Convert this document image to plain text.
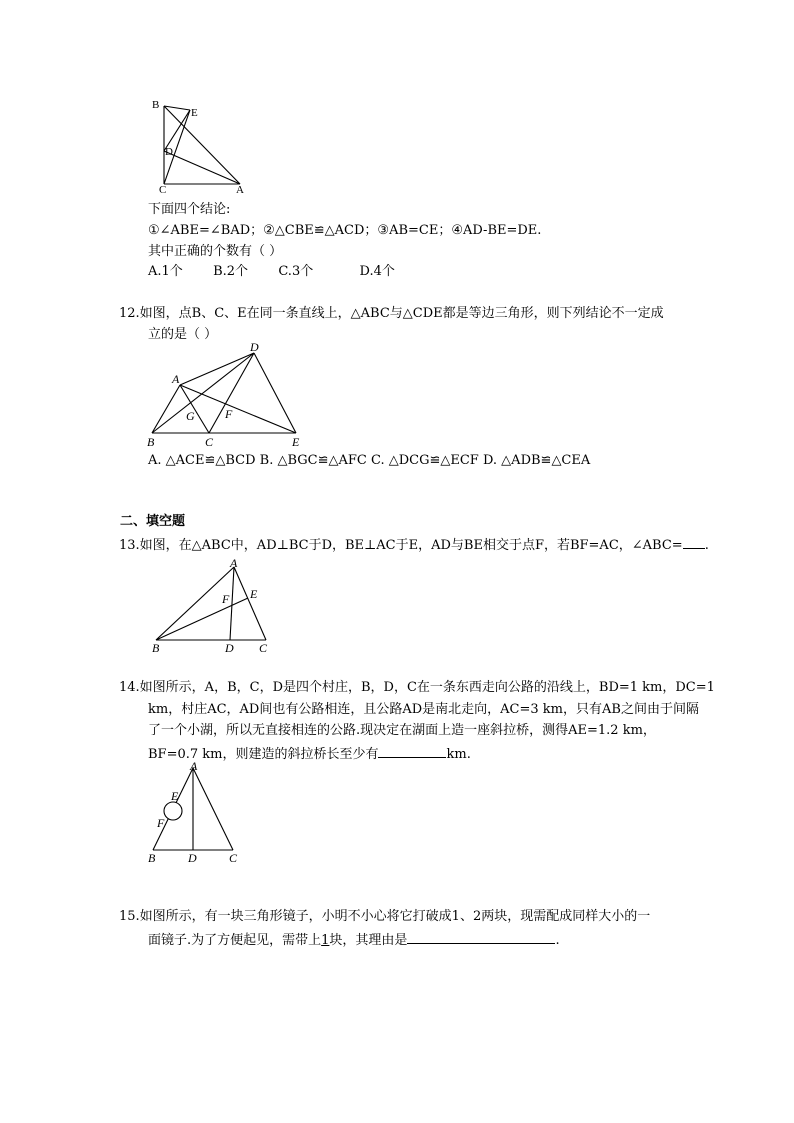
B
E
D
C	A
下面四个结论:
①∠ABE=∠BAD；②△CBE≌△ACD；③AB=CE；④AD-BE=DE.
其中正确的个数有（ ）
A.1个 B.2个 C.3个	D.4个
12.如图，点B、C、E在同一条直线上，△ABC与△CDE都是等边三角形，则下列结论不一定成
立的是（ ）
D
A
G	F
B	C	E
A. △ACE≌△BCD B. △BGC≌△AFC C. △DCG≌△ECF D. △ADB≌△CEA
二、填空题
13.如图，在△ABC中，AD⊥BC于D，BE⊥AC于E，AD与BE相交于点F，若BF=AC，∠ABC= .
A
F E
B	D C
14.如图所示，A，B，C，D是四个村庄，B，D，C在一条东西走向公路的沿线上，BD=1 km，DC=1
km，村庄AC，AD间也有公路相连，且公路AD是南北走向，AC=3 km，只有AB之间由于间隔
了一个小湖，所以无直接相连的公路.现决定在湖面上造一座斜拉桥，测得AE=1.2 km，
BF=0.7 km，则建造的斜拉桥长至少有	km.
A
E
F
B	D	C
15.如图所示，有一块三角形镜子，小明不小心将它打破成1、2两块，现需配成同样大小的一
面镜子.为了方便起见，需带上1块，其理由是	.
